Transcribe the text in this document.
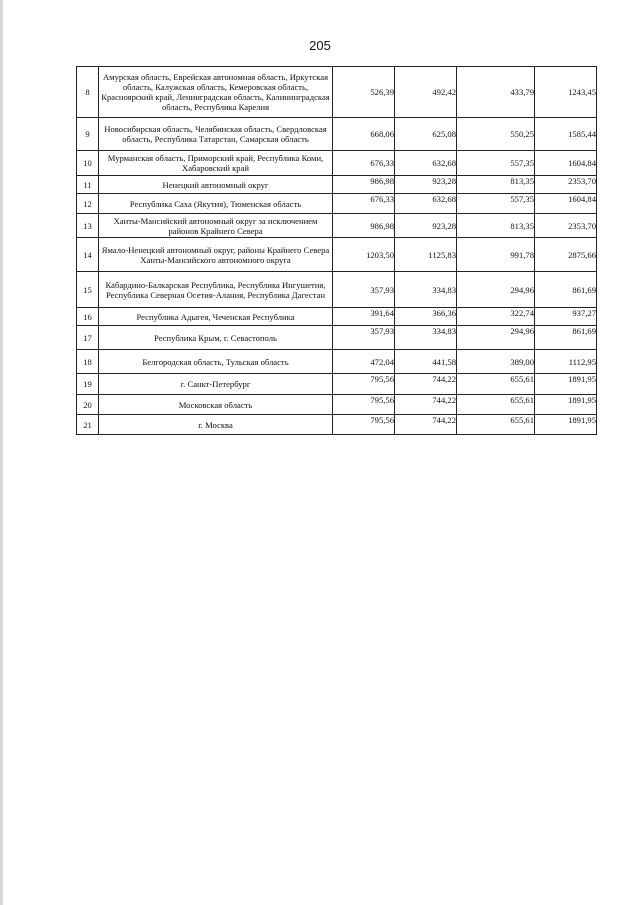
205
8	Амурская область, Еврейская автономная область, Иркутская область, Калужская область, Кемеровская область, Красноярский край, Ленинградская область, Калининградская область, Республика Карелия	526,39	492,42	433,79	1243,45
9	Новосибирская область, Челябинская область, Свердловская область, Республика Татарстан, Самарская область	668,06	625,08	550,25	1585,44
10	Мурманская область, Приморский край, Республика Коми, Хабаровский край	676,33	632,68	557,35	1604,84
11	Ненецкий автономный округ	986,98	923,28	813,35	2353,70
12	Республика Саха (Якутия), Тюменская область	676,33	632,68	557,35	1604,84
13	Ханты-Мансийский автономный округ за исключением районов Крайнего Севера	986,98	923,28	813,35	2353,70
14	Ямало-Ненецкий автономный округ, районы Крайнего Севера Ханты-Мансийского автономного округа	1203,50	1125,83	991,78	2875,66
15	Кабардино-Балкарская Республика, Республика Ингушетия, Республика Северная Осетия-Алания, Республика Дагестан	357,93	334,83	294,96	861,69
16	Республика Адыгея, Чеченская Республика	391,64	366,36	322,74	937,27
17	Республика Крым, г. Севастополь	357,93	334,83	294,96	861,69
18	Белгородская область, Тульская область	472,04	441,58	389,00	1112,95
19	г. Санкт-Петербург	795,56	744,22	655,61	1891,95
20	Московская область	795,56	744,22	655,61	1891,95
21	г. Москва	795,56	744,22	655,61	1891,95
